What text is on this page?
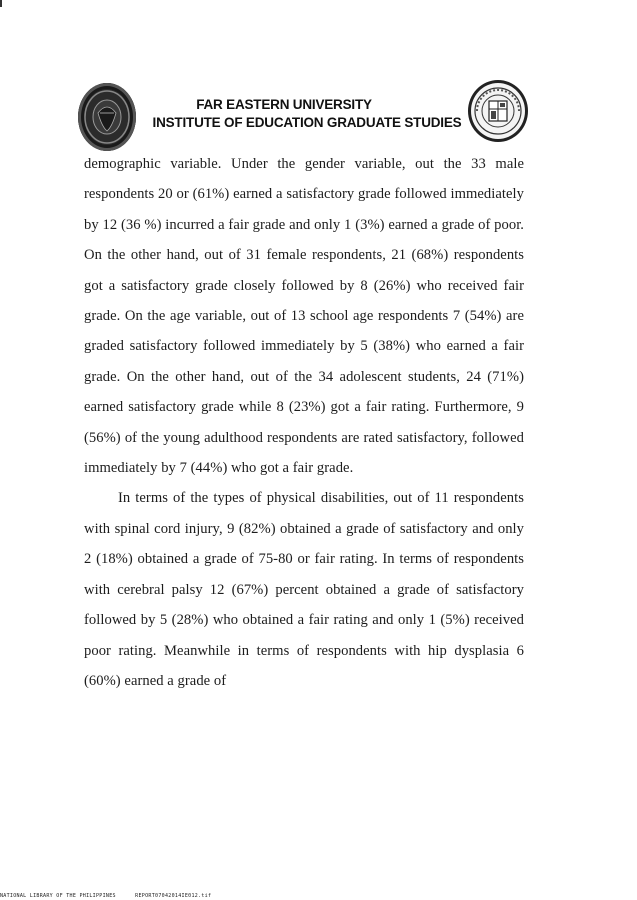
FAR EASTERN UNIVERSITY
INSTITUTE OF EDUCATION GRADUATE STUDIES

demographic variable. Under the gender variable, out the 33 male respondents 20 or (61%) earned a satisfactory grade followed immediately by 12 (36 %) incurred a fair grade and only 1 (3%) earned a grade of poor. On the other hand, out of 31 female respondents, 21 (68%) respondents got a satisfactory grade closely followed by 8 (26%) who received fair grade. On the age variable, out of 13 school age respondents 7 (54%) are graded satisfactory followed immediately by 5 (38%) who earned a fair grade. On the other hand, out of the 34 adolescent students, 24 (71%) earned satisfactory grade while 8 (23%) got a fair rating. Furthermore, 9 (56%) of the young adulthood respondents are rated satisfactory, followed immediately by 7 (44%) who got a fair grade.

In terms of the types of physical disabilities, out of 11 respondents with spinal cord injury, 9 (82%) obtained a grade of satisfactory and only 2 (18%) obtained a grade of 75-80 or fair rating. In terms of respondents with cerebral palsy 12 (67%) percent obtained a grade of satisfactory followed by 5 (28%) who obtained a fair rating and only 1 (5%) received poor rating. Meanwhile in terms of respondents with hip dysplasia 6 (60%) earned a grade of

NATIONAL LIBRARY OF THE PHILIPPINES	REPORT07042014IE012.tif
